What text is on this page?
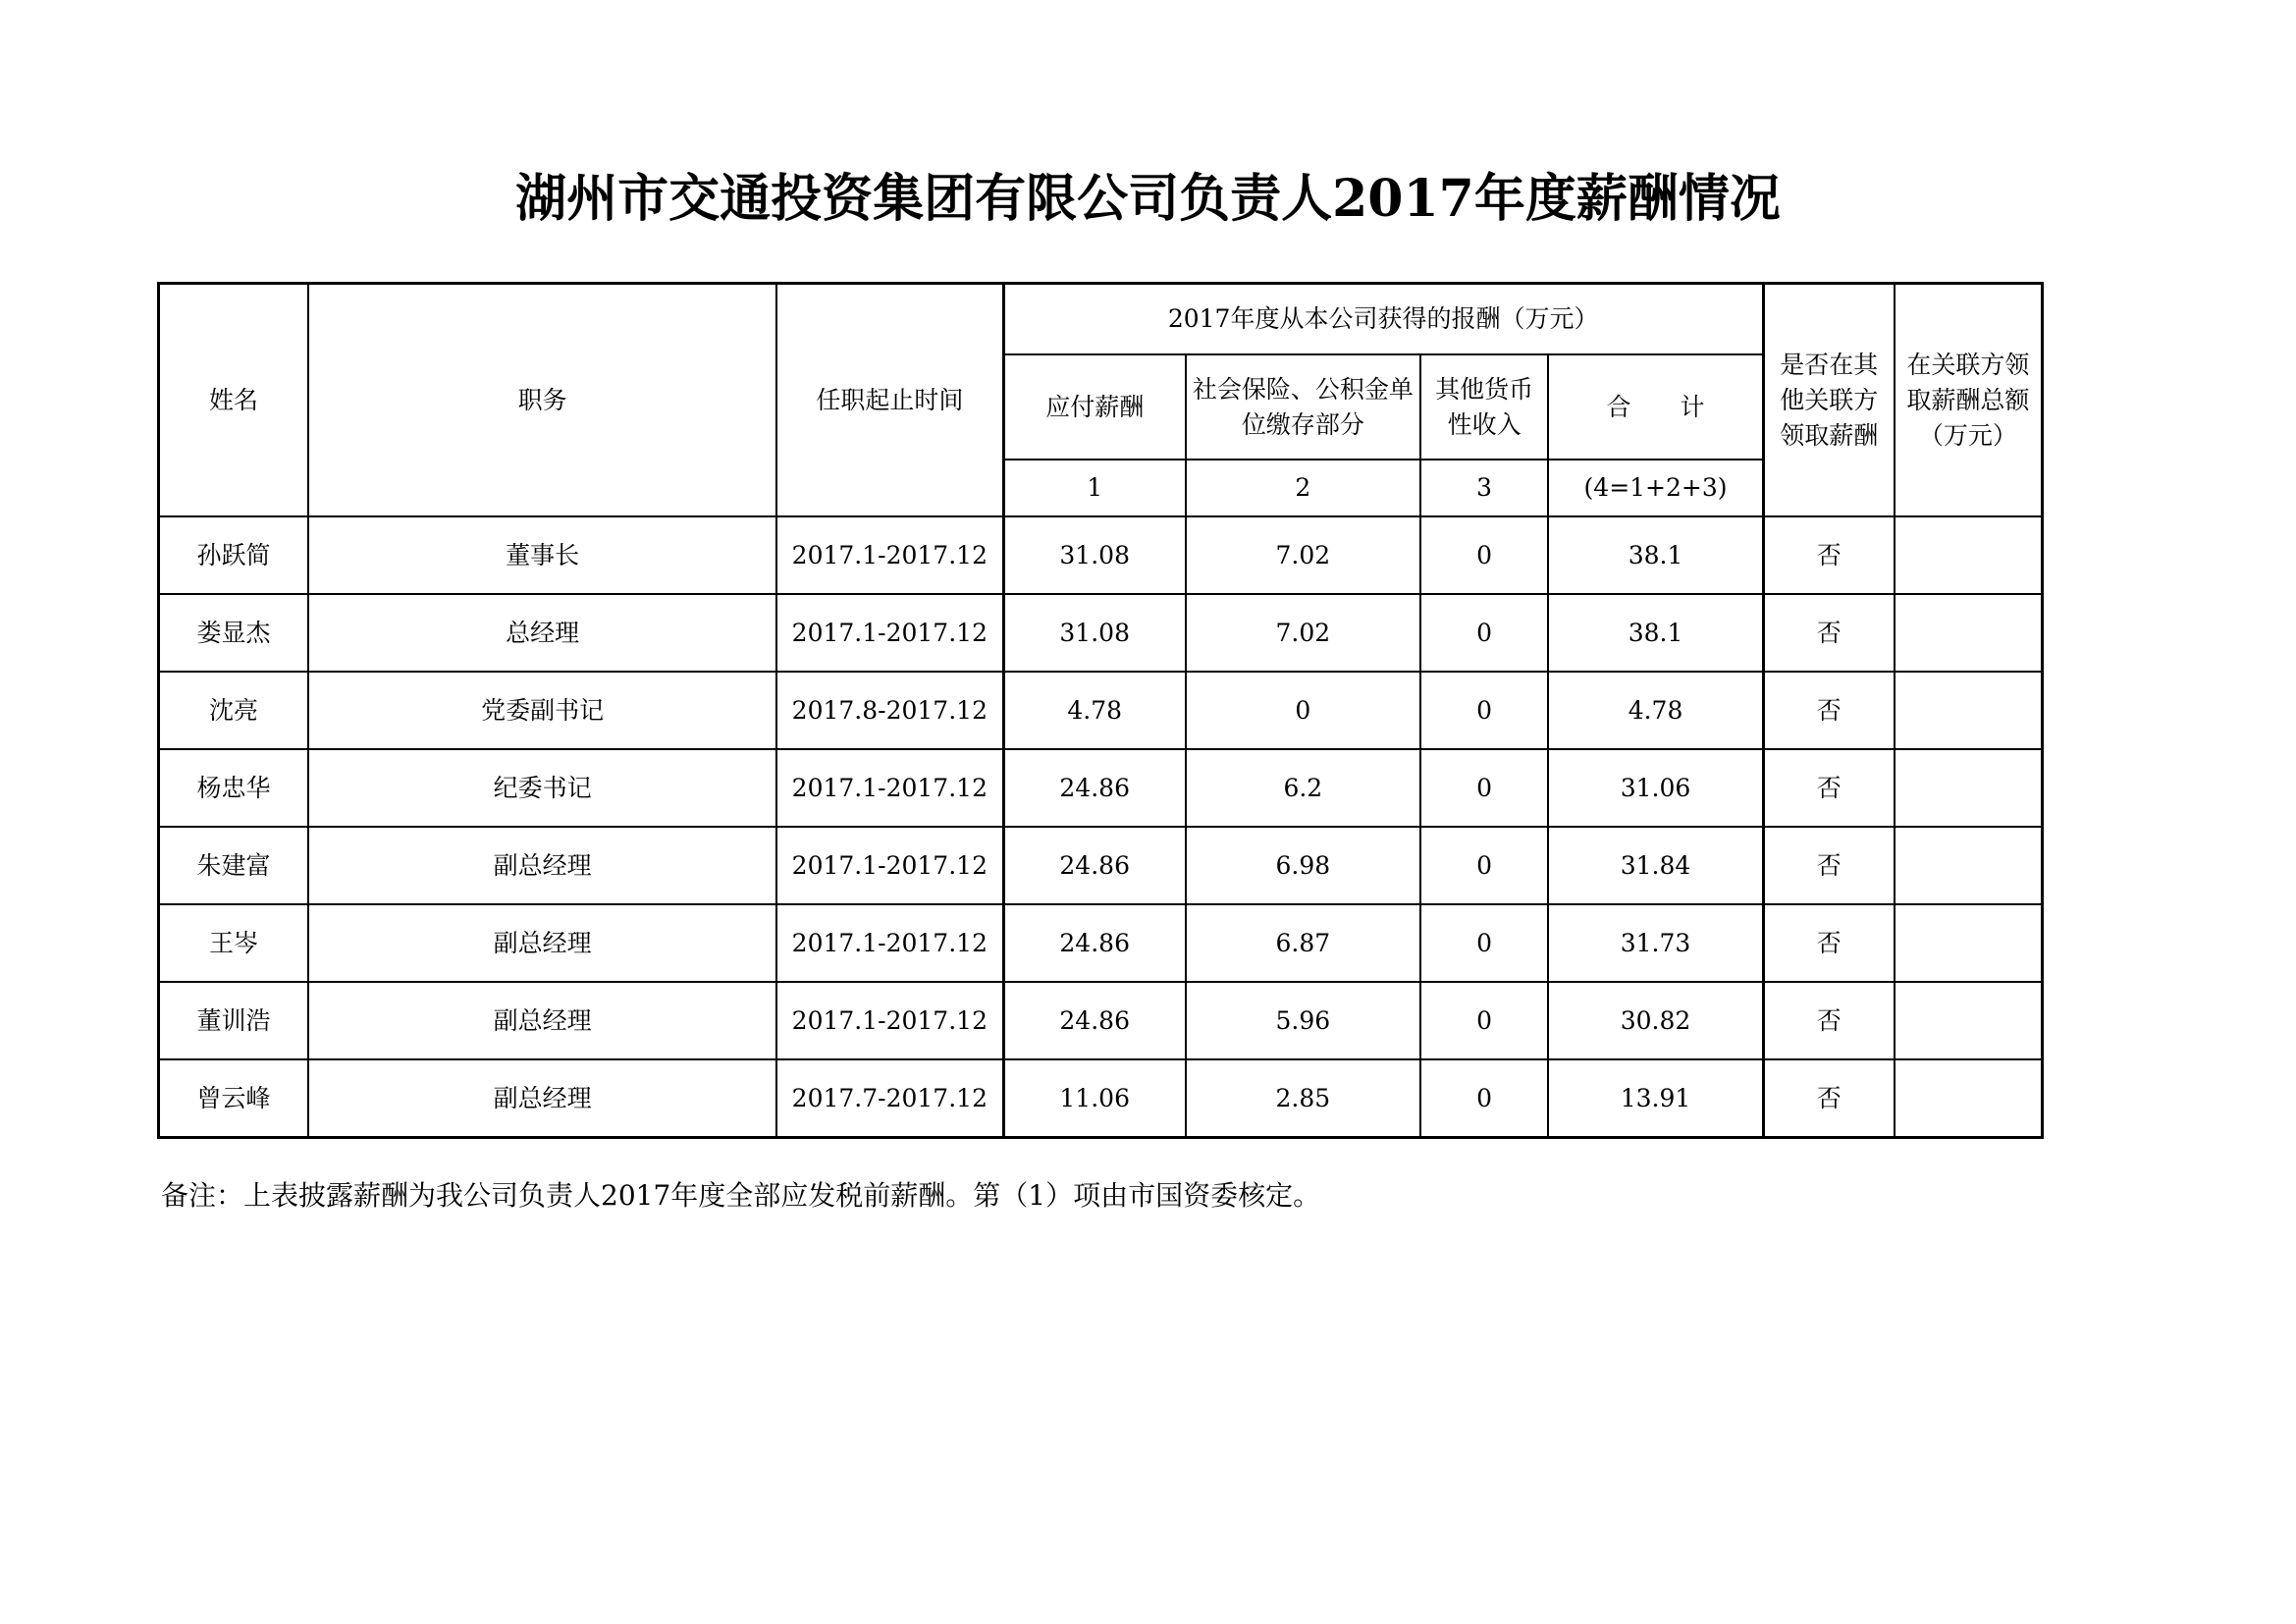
湖州市交通投资集团有限公司负责人2017年度薪酬情况
姓名	职务	任职起止时间	2017年度从本公司获得的报酬（万元）				是否在其他关联方领取薪酬	在关联方领取薪酬总额（万元）
			应付薪酬	社会保险、公积金单位缴存部分	其他货币性收入	合　　计		
			1	2	3	(4=1+2+3)		
孙跃简	董事长	2017.1-2017.12	31.08	7.02	0	38.1	否	
娄显杰	总经理	2017.1-2017.12	31.08	7.02	0	38.1	否	
沈亮	党委副书记	2017.8-2017.12	4.78	0	0	4.78	否	
杨忠华	纪委书记	2017.1-2017.12	24.86	6.2	0	31.06	否	
朱建富	副总经理	2017.1-2017.12	24.86	6.98	0	31.84	否	
王岑	副总经理	2017.1-2017.12	24.86	6.87	0	31.73	否	
董训浩	副总经理	2017.1-2017.12	24.86	5.96	0	30.82	否	
曾云峰	副总经理	2017.7-2017.12	11.06	2.85	0	13.91	否	
备注：上表披露薪酬为我公司负责人2017年度全部应发税前薪酬。第（1）项由市国资委核定。
